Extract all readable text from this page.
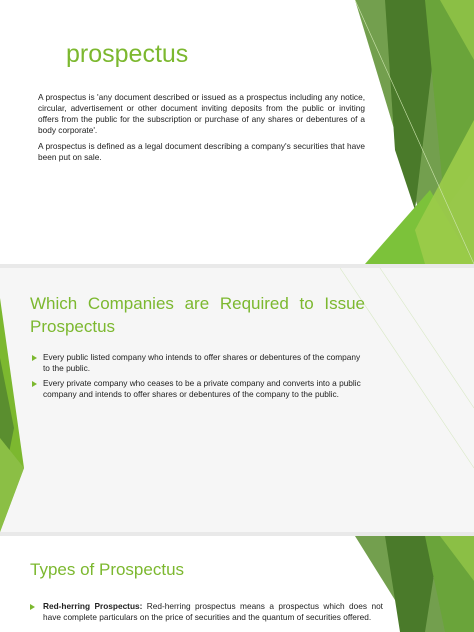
prospectus
A prospectus is 'any document described or issued as a prospectus including any notice, circular, advertisement or other document inviting deposits from the public or inviting offers from the public for the subscription or purchase of any shares or debentures of a body corporate'.
A prospectus is defined as a legal document describing a company's securities that have been put on sale.
Which Companies are Required to Issue Prospectus
Every public listed company who intends to offer shares or debentures of the company to the public.
Every private company who ceases to be a private company and converts into a public company and intends to offer shares or debentures of the company to the public.
Types of Prospectus
Red-herring Prospectus: Red-herring prospectus means a prospectus which does not have complete particulars on the price of securities and the quantum of securities offered.
